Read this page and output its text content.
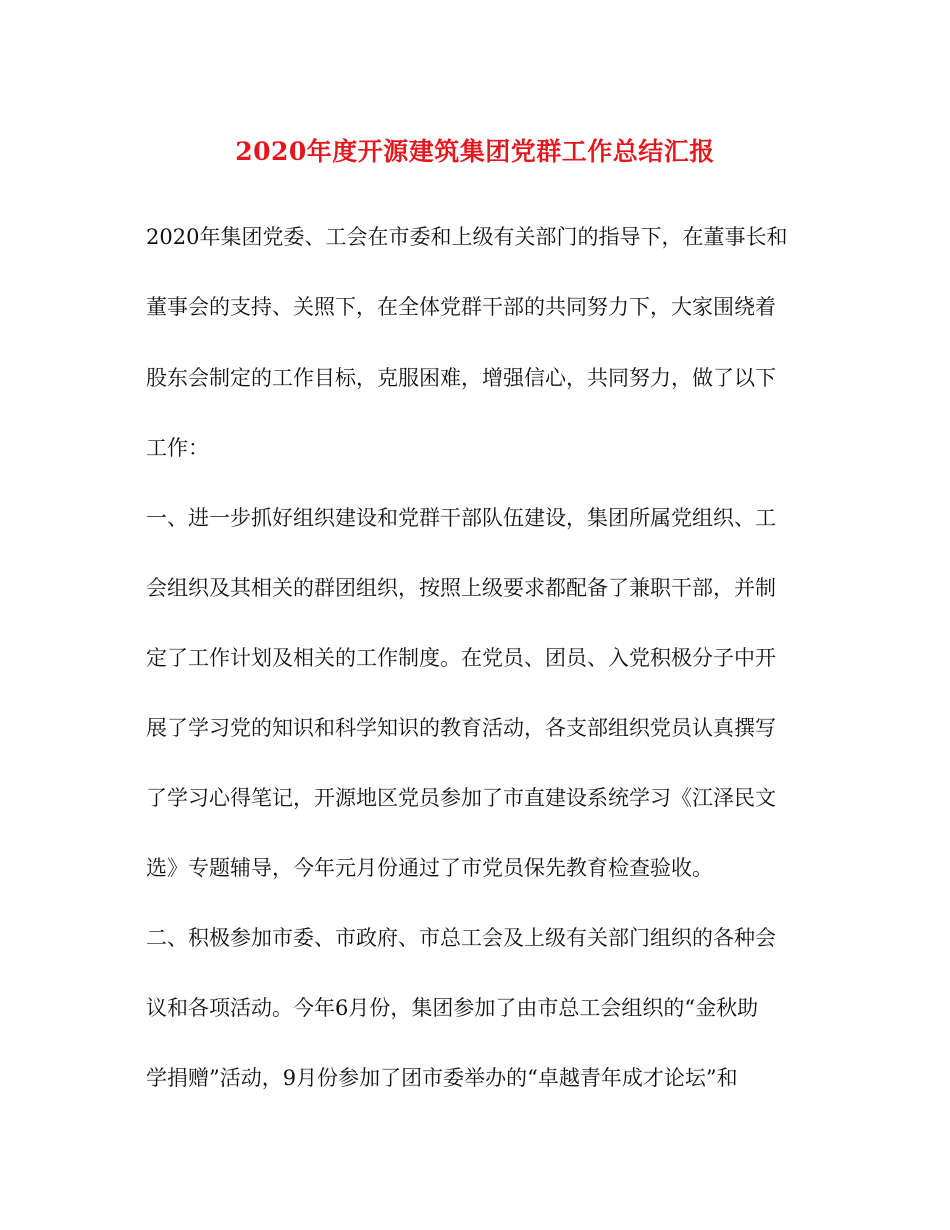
2020年度开源建筑集团党群工作总结汇报

2020年集团党委、工会在市委和上级有关部门的指导下，在董事长和

董事会的支持、关照下，在全体党群干部的共同努力下，大家围绕着

股东会制定的工作目标，克服困难，增强信心，共同努力，做了以下

工作：

一、进一步抓好组织建设和党群干部队伍建设，集团所属党组织、工

会组织及其相关的群团组织，按照上级要求都配备了兼职干部，并制

定了工作计划及相关的工作制度。在党员、团员、入党积极分子中开

展了学习党的知识和科学知识的教育活动，各支部组织党员认真撰写

了学习心得笔记，开源地区党员参加了市直建设系统学习《江泽民文

选》专题辅导，今年元月份通过了市党员保先教育检查验收。

二、积极参加市委、市政府、市总工会及上级有关部门组织的各种会

议和各项活动。今年6月份，集团参加了由市总工会组织的“金秋助

学捐赠”活动，9月份参加了团市委举办的“卓越青年成才论坛”和
